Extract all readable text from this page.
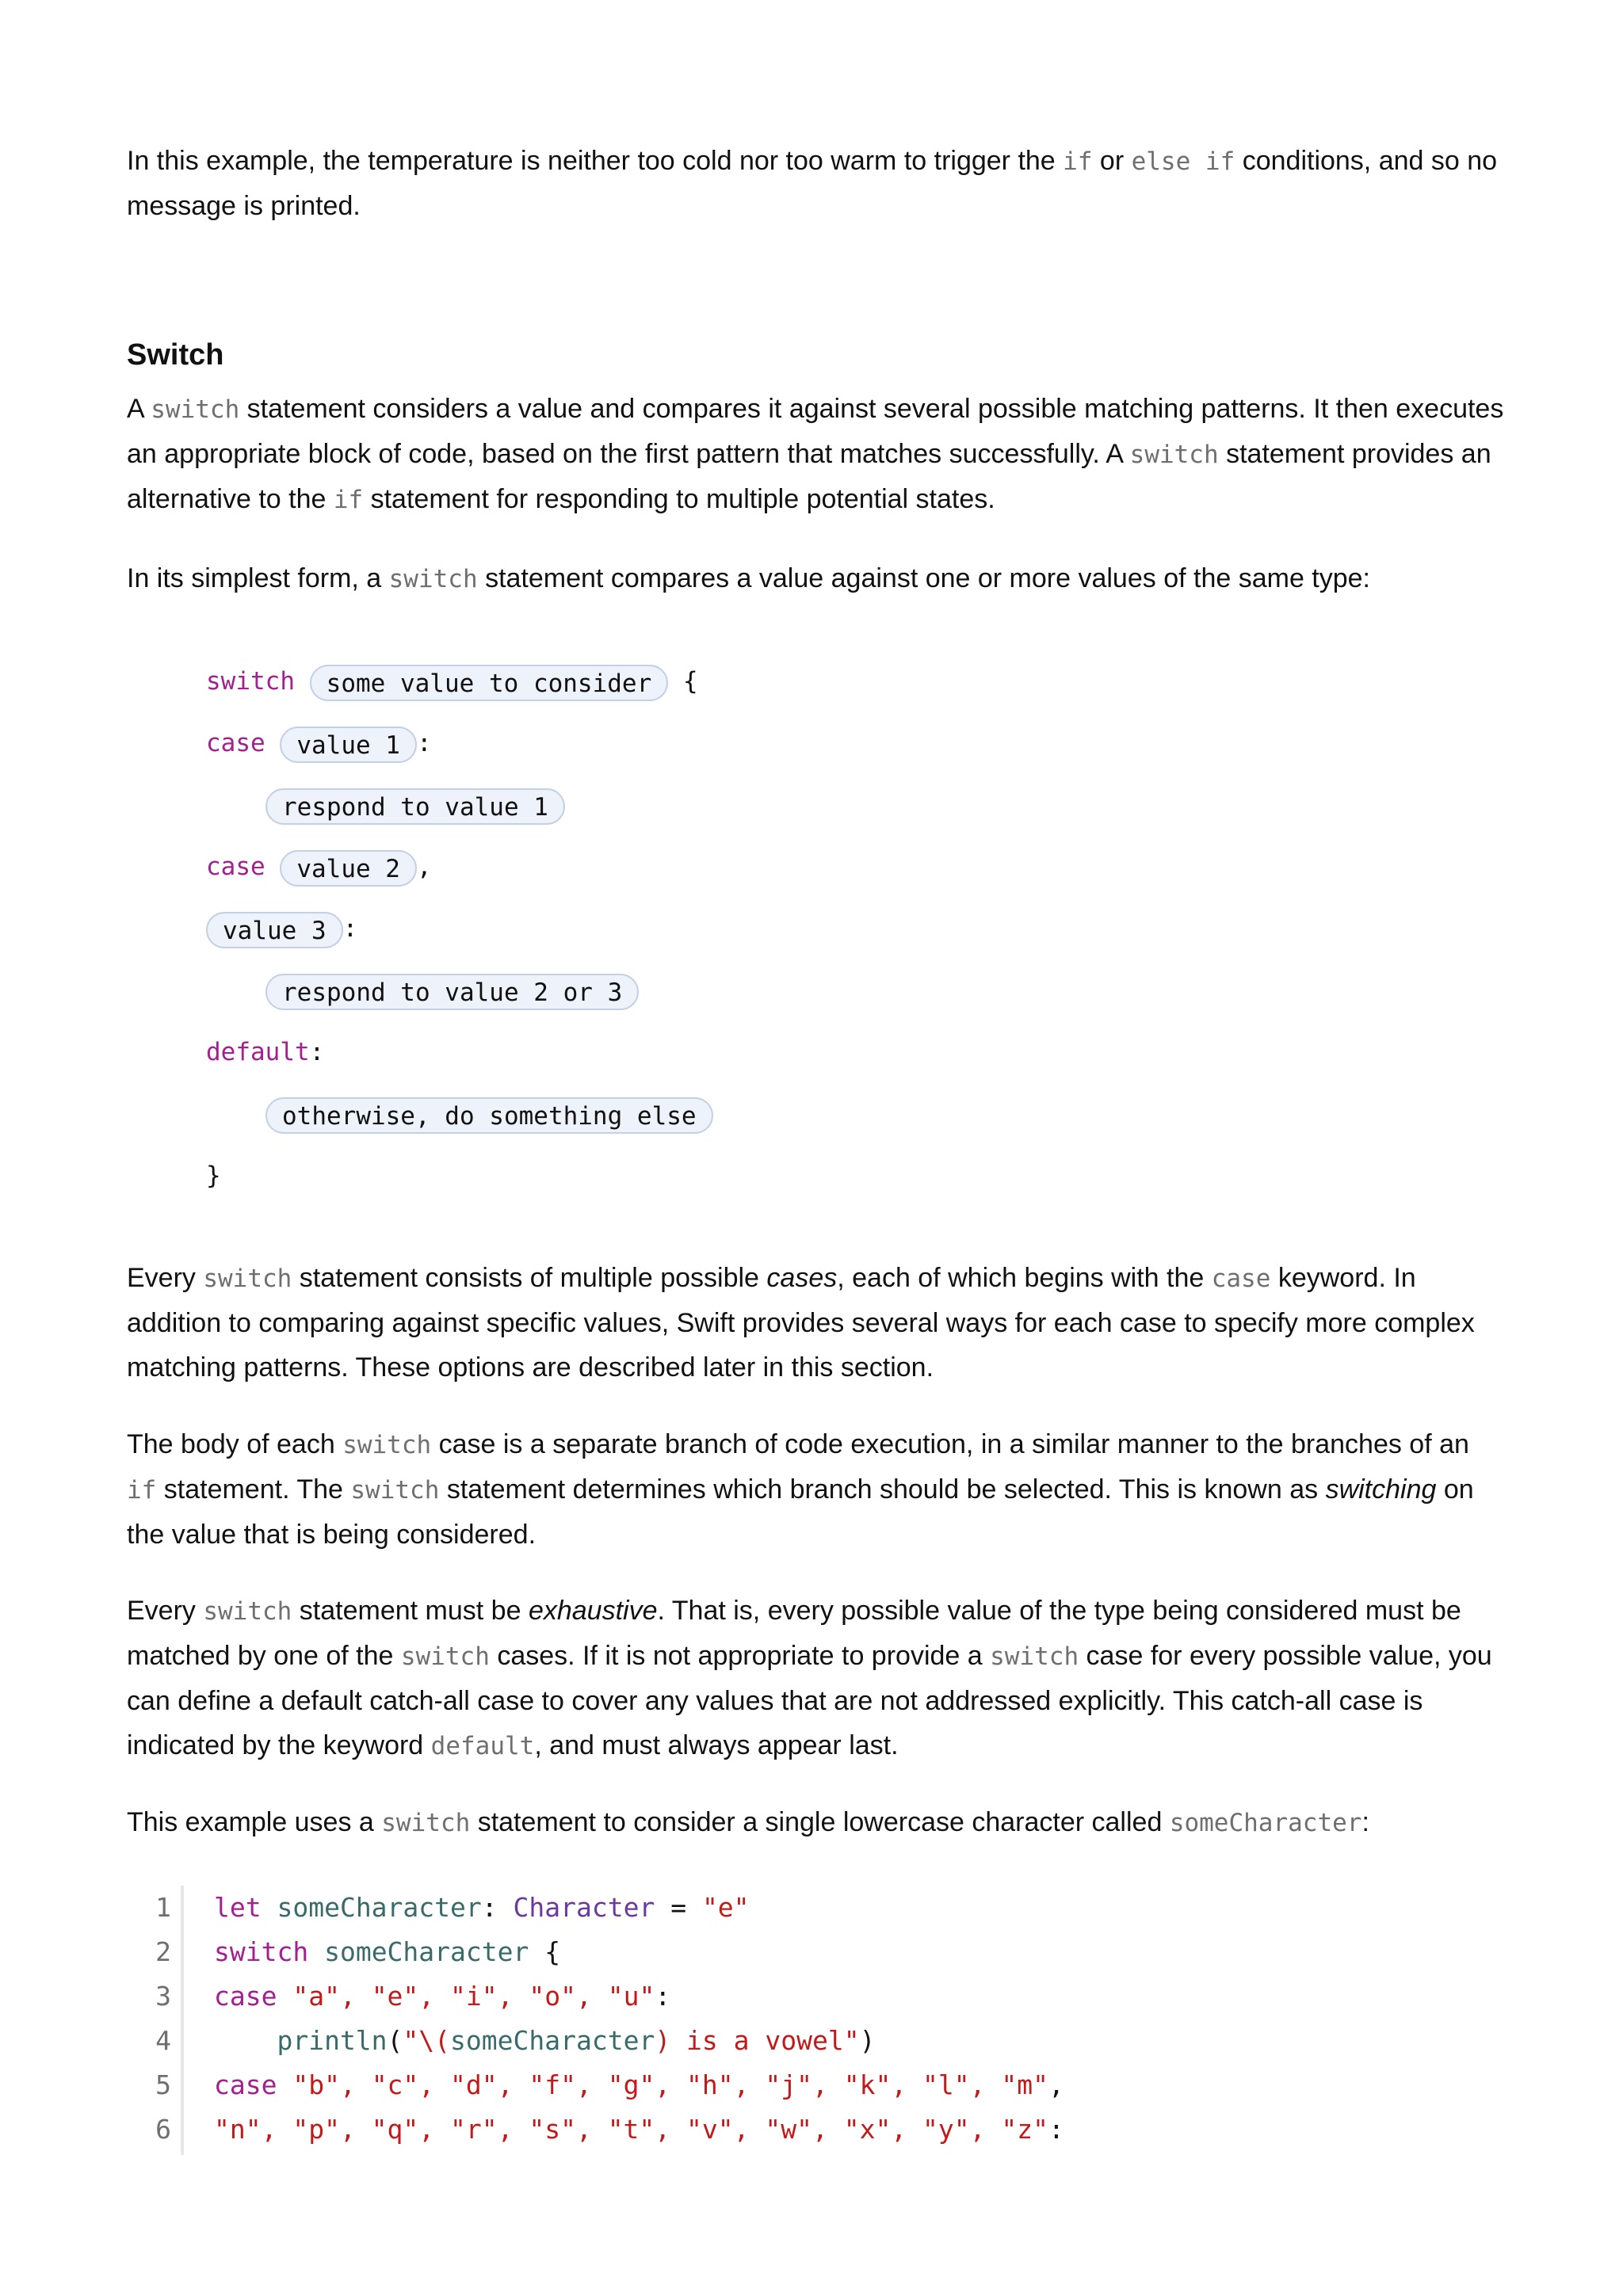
In this example, the temperature is neither too cold nor too warm to trigger the if or else if conditions, and so no message is printed.

Switch

A switch statement considers a value and compares it against several possible matching patterns. It then executes an appropriate block of code, based on the first pattern that matches successfully. A switch statement provides an alternative to the if statement for responding to multiple potential states.

In its simplest form, a switch statement compares a value against one or more values of the same type:

switch some value to consider {
case value 1 :
respond to value 1
case value 2 ,
value 3 :
respond to value 2 or 3
default:
otherwise, do something else
}

Every switch statement consists of multiple possible cases, each of which begins with the case keyword. In addition to comparing against specific values, Swift provides several ways for each case to specify more complex matching patterns. These options are described later in this section.

The body of each switch case is a separate branch of code execution, in a similar manner to the branches of an if statement. The switch statement determines which branch should be selected. This is known as switching on the value that is being considered.

Every switch statement must be exhaustive. That is, every possible value of the type being considered must be matched by one of the switch cases. If it is not appropriate to provide a switch case for every possible value, you can define a default catch-all case to cover any values that are not addressed explicitly. This catch-all case is indicated by the keyword default, and must always appear last.

This example uses a switch statement to consider a single lowercase character called someCharacter:

1 let someCharacter: Character = "e"
2 switch someCharacter {
3 case "a", "e", "i", "o", "u":
4 println("\(someCharacter) is a vowel")
5 case "b", "c", "d", "f", "g", "h", "j", "k", "l", "m",
6 "n", "p", "q", "r", "s", "t", "v", "w", "x", "y", "z":
